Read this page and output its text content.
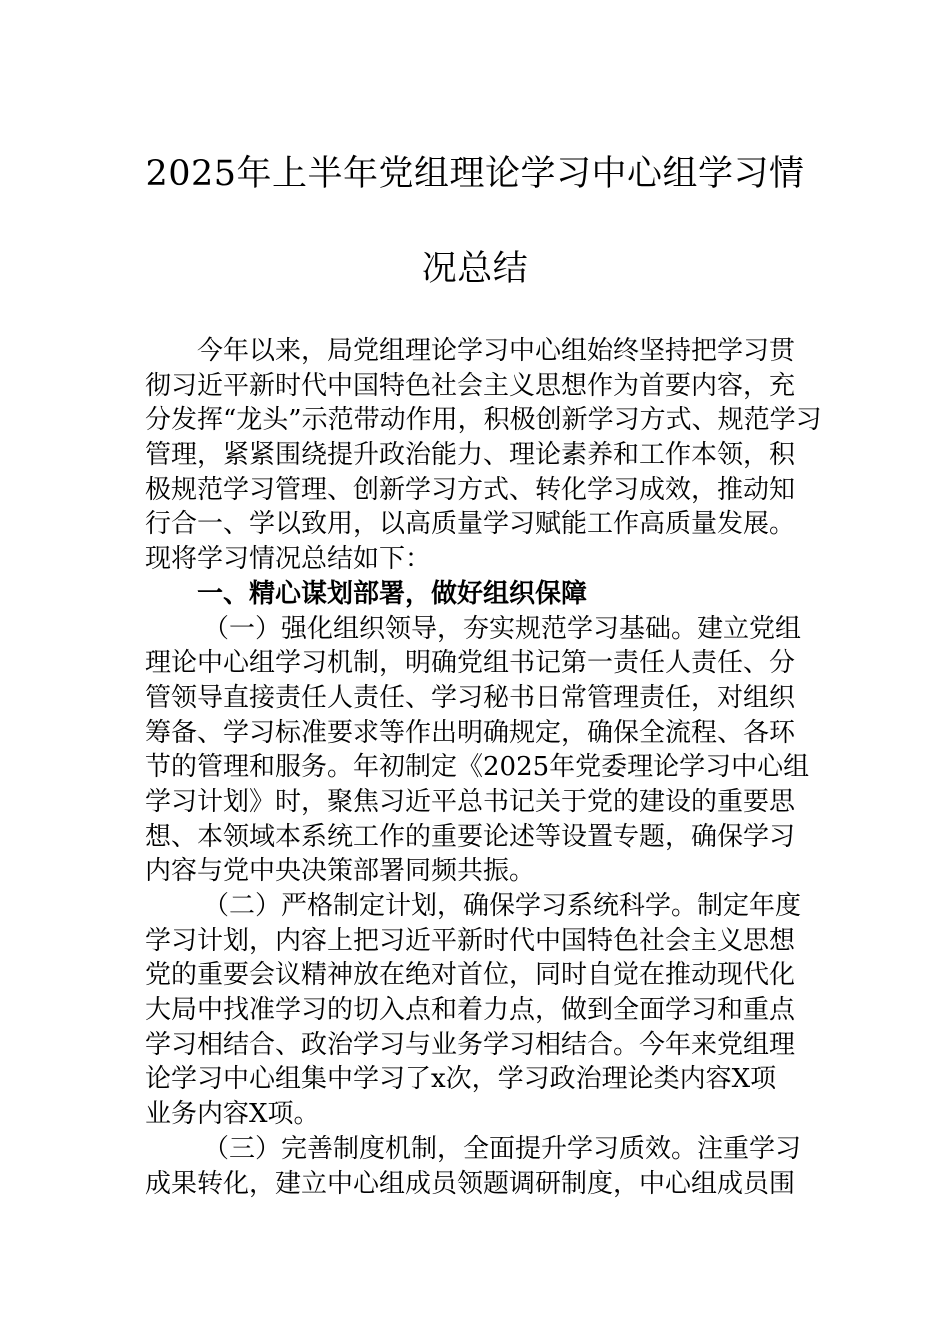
2025年上半年党组理论学习中心组学习情
况总结
今年以来，局党组理论学习中心组始终坚持把学习贯
彻习近平新时代中国特色社会主义思想作为首要内容，充
分发挥“龙头”示范带动作用，积极创新学习方式、规范学习
管理，紧紧围绕提升政治能力、理论素养和工作本领，积
极规范学习管理、创新学习方式、转化学习成效，推动知
行合一、学以致用，以高质量学习赋能工作高质量发展。
现将学习情况总结如下：
一、精心谋划部署，做好组织保障
（一）强化组织领导，夯实规范学习基础。建立党组
理论中心组学习机制，明确党组书记第一责任人责任、分
管领导直接责任人责任、学习秘书日常管理责任，对组织
筹备、学习标准要求等作出明确规定，确保全流程、各环
节的管理和服务。年初制定《2025年党委理论学习中心组
学习计划》时，聚焦习近平总书记关于党的建设的重要思
想、本领域本系统工作的重要论述等设置专题，确保学习
内容与党中央决策部署同频共振。
（二）严格制定计划，确保学习系统科学。制定年度
学习计划，内容上把习近平新时代中国特色社会主义思想
党的重要会议精神放在绝对首位，同时自觉在推动现代化
大局中找准学习的切入点和着力点，做到全面学习和重点
学习相结合、政治学习与业务学习相结合。今年来党组理
论学习中心组集中学习了x次，学习政治理论类内容X项
业务内容X项。
（三）完善制度机制，全面提升学习质效。注重学习
成果转化，建立中心组成员领题调研制度，中心组成员围
